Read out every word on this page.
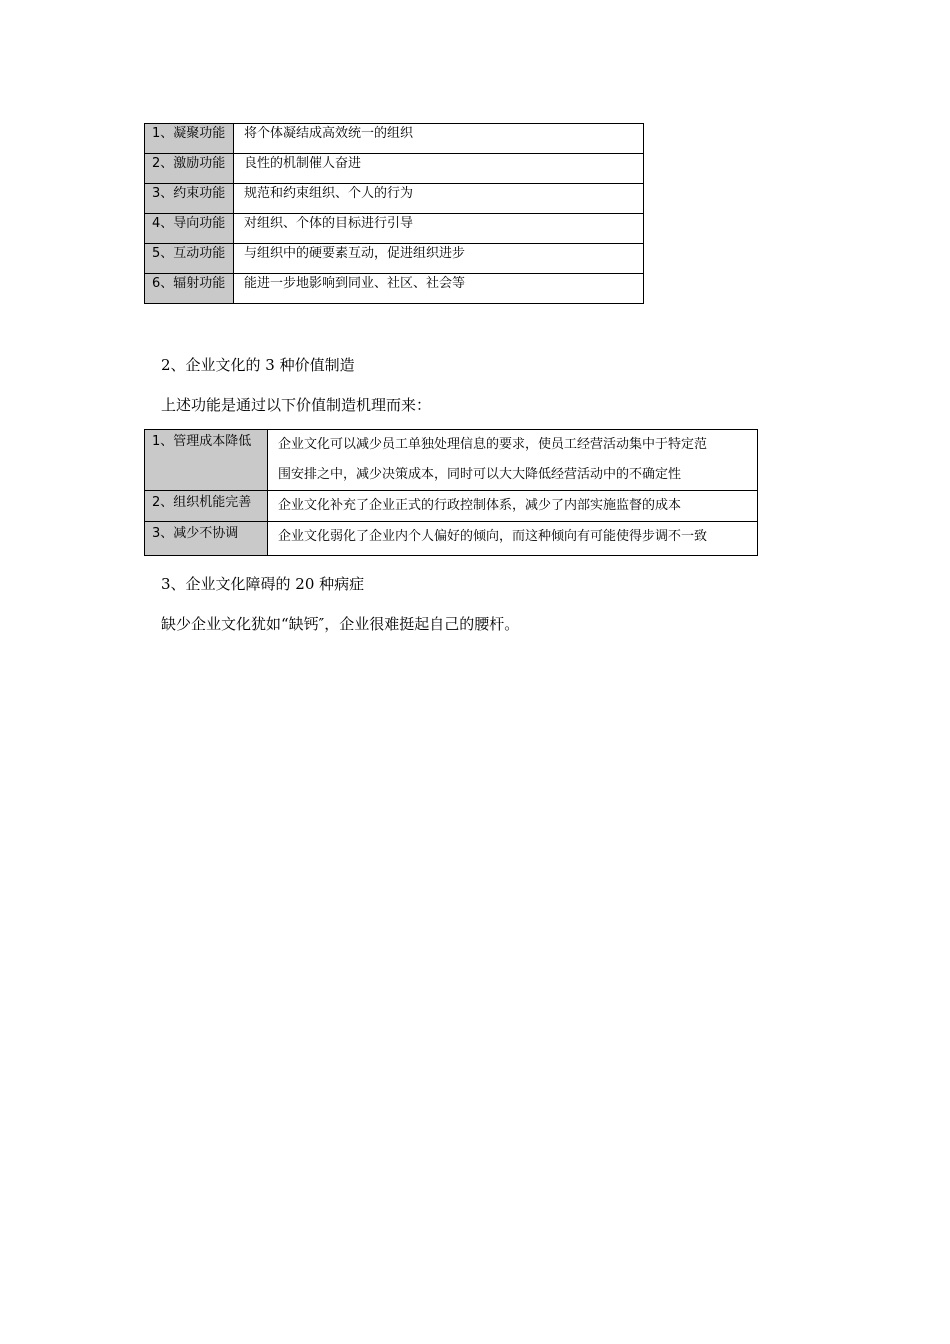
1、凝聚功能	将个体凝结成高效统一的组织
2、激励功能	良性的机制催人奋进
3、约束功能	规范和约束组织、个人的行为
4、导向功能	对组织、个体的目标进行引导
5、互动功能	与组织中的硬要素互动，促进组织进步
6、辐射功能	能进一步地影响到同业、社区、社会等
2、企业文化的 3 种价值制造
上述功能是通过以下价值制造机理而来：
1、管理成本降低	企业文化可以减少员工单独处理信息的要求，使员工经营活动集中于特定范
围安排之中，减少决策成本，同时可以大大降低经营活动中的不确定性

2、组织机能完善	企业文化补充了企业正式的行政控制体系，减少了内部实施监督的成本
3、减少不协调	企业文化弱化了企业内个人偏好的倾向，而这种倾向有可能使得步调不一致
3、企业文化障碍的 20 种病症
缺少企业文化犹如“缺钙″，企业很难挺起自己的腰杆。
